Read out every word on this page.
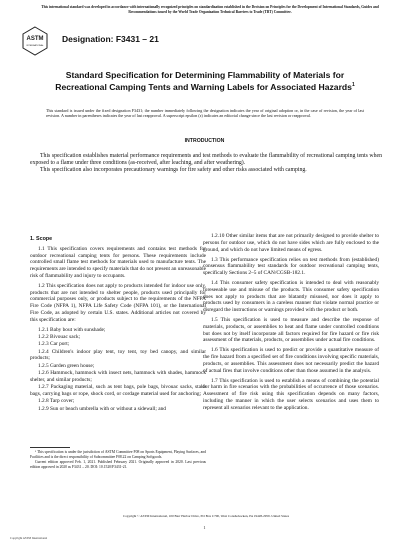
This international standard was developed in accordance with internationally recognized principles on standardization established in the Decision on Principles for the Development of International Standards, Guides and Recommendations issued by the World Trade Organization Technical Barriers to Trade (TBT) Committee.
ASTM
INTERNATIONAL
Designation: F3431 – 21
Standard Specification for Determining Flammability of Materials for Recreational Camping Tents and Warning Labels for Associated Hazards$^1$
This standard is issued under the fixed designation F3431; the number immediately following the designation indicates the year of original adoption or, in the case of revision, the year of last revision. A number in parentheses indicates the year of last reapproval. A superscript epsilon (ε) indicates an editorial change since the last revision or reapproval.
INTRODUCTION

This specification establishes material performance requirements and test methods to evaluate the flammability of recreational camping tents when exposed to a flame under three conditions (as-received, after leaching, and after weathering).

This specification also incorporates precautionary warnings for fire safety and other risks associated with camping.

1. Scope

1.1 This specification covers requirements and contains test methods for outdoor recreational camping tents for persons. These requirements include controlled small flame test methods for materials used to manufacture tents. The requirements are intended to specify materials that do not present an unreasonable risk of flammability and injury to occupants.

1.2 This specification does not apply to products intended for indoor use only, products that are not intended to shelter people, products used principally for commercial purposes only, or products subject to the requirements of the NFPA Fire Code (NFPA 1), NFPA Life Safety Code (NFPA 101), or the International Fire Code, as adopted by certain U.S. states. Additional articles not covered by this specification are:

1.2.1 Baby bout with sunshade;

1.2.2 Bivouac sack;

1.2.3 Car port;

1.2.4 Children's indoor play tent, toy tent, toy bed canopy, and similar products;

1.2.5 Garden green house;

1.2.6 Hammock, hammock with insect nets, hammock with shades, hammock shelter, and similar products;

1.2.7 Packaging material, such as tent bags, pole bags, bivouac sacks, stake bags, carrying bags or rope, shock cord, or cordage material used for anchoring;

1.2.8 Tarp cover;

1.2.9 Sun or beach umbrella with or without a sidewall; and

1.2.10 Other similar items that are not primarily designed to provide shelter to persons for outdoor use, which do not have sides which are fully enclosed to the ground, and which do not have limited means of egress.

1.3 This performance specification relies on test methods from (established) consensus flammability test standards for outdoor recreational camping tents, specifically Sections 2–5 of CAN/CGSB-182.1.

1.4 This consumer safety specification is intended to deal with reasonably foreseeable use and misuse of the products. This consumer safety specification does not apply to products that are blatantly misused, nor does it apply to products used by consumers in a careless manner that violate normal practice or disregard the instructions or warnings provided with the product or both.

1.5 This specification is used to measure and describe the response of materials, products, or assemblies to heat and flame under controlled conditions but does not by itself incorporate all factors required for fire hazard or fire risk assessment of the materials, products, or assemblies under actual fire conditions.

1.6 This specification is used to predict or provide a quantitative measure of the fire hazard from a specified set of fire conditions involving specific materials, products, or assemblies. This assessment does not necessarily predict the hazard of actual fires that involve conditions other than those assumed in the analysis.

1.7 This specification is used to establish a means of combining the potential for harm in fire scenarios with the probabilities of occurrence of those scenarios. Assessment of fire risk using this specification depends on many factors, including the manner in which the user selects scenarios and uses them to represent all scenarios relevant to the application.

¹ This specification is under the jurisdiction of ASTM Committee F08 on Sports Equipment, Playing Surfaces, and Facilities and is the direct responsibility of Subcommittee F08.22 on Camping Softgoods.

Current edition approved Feb. 1, 2021. Published February 2021. Originally approved in 2020. Last previous edition approved in 2020 as F3431 – 20. DOI: 10.1520/F3431-21.

Copyright © ASTM International, 100 Barr Harbor Drive, PO Box C700, West Conshohocken, PA 19428-2959. United States
1
Copyright ASTM International
